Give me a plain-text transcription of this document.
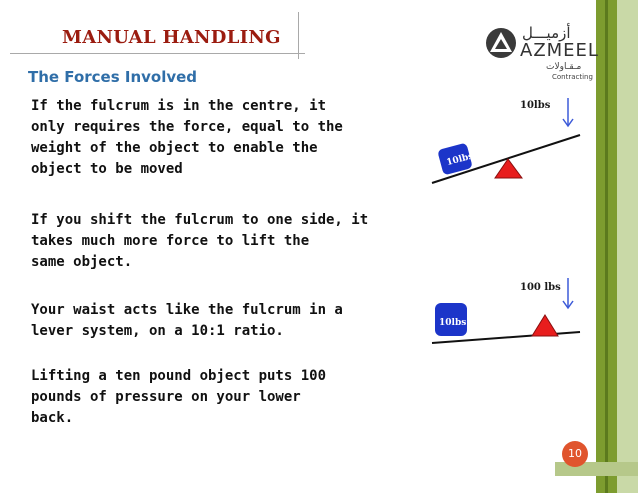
MANUAL HANDLING
The Forces Involved
If the fulcrum is in the centre, it
only requires the force, equal to the
weight of the object to enable the
object to be moved
If you shift the fulcrum to one side, it
takes much more force to lift the
same object.
Your waist acts like the fulcrum in a
lever system, on a 10:1 ratio.
Lifting a ten pound object puts 100
pounds of pressure on your lower
back.
أزميـــل
AZMEEL
مـقـاولات
Contracting
10lbs
10lbs
100 lbs
10lbs
10
